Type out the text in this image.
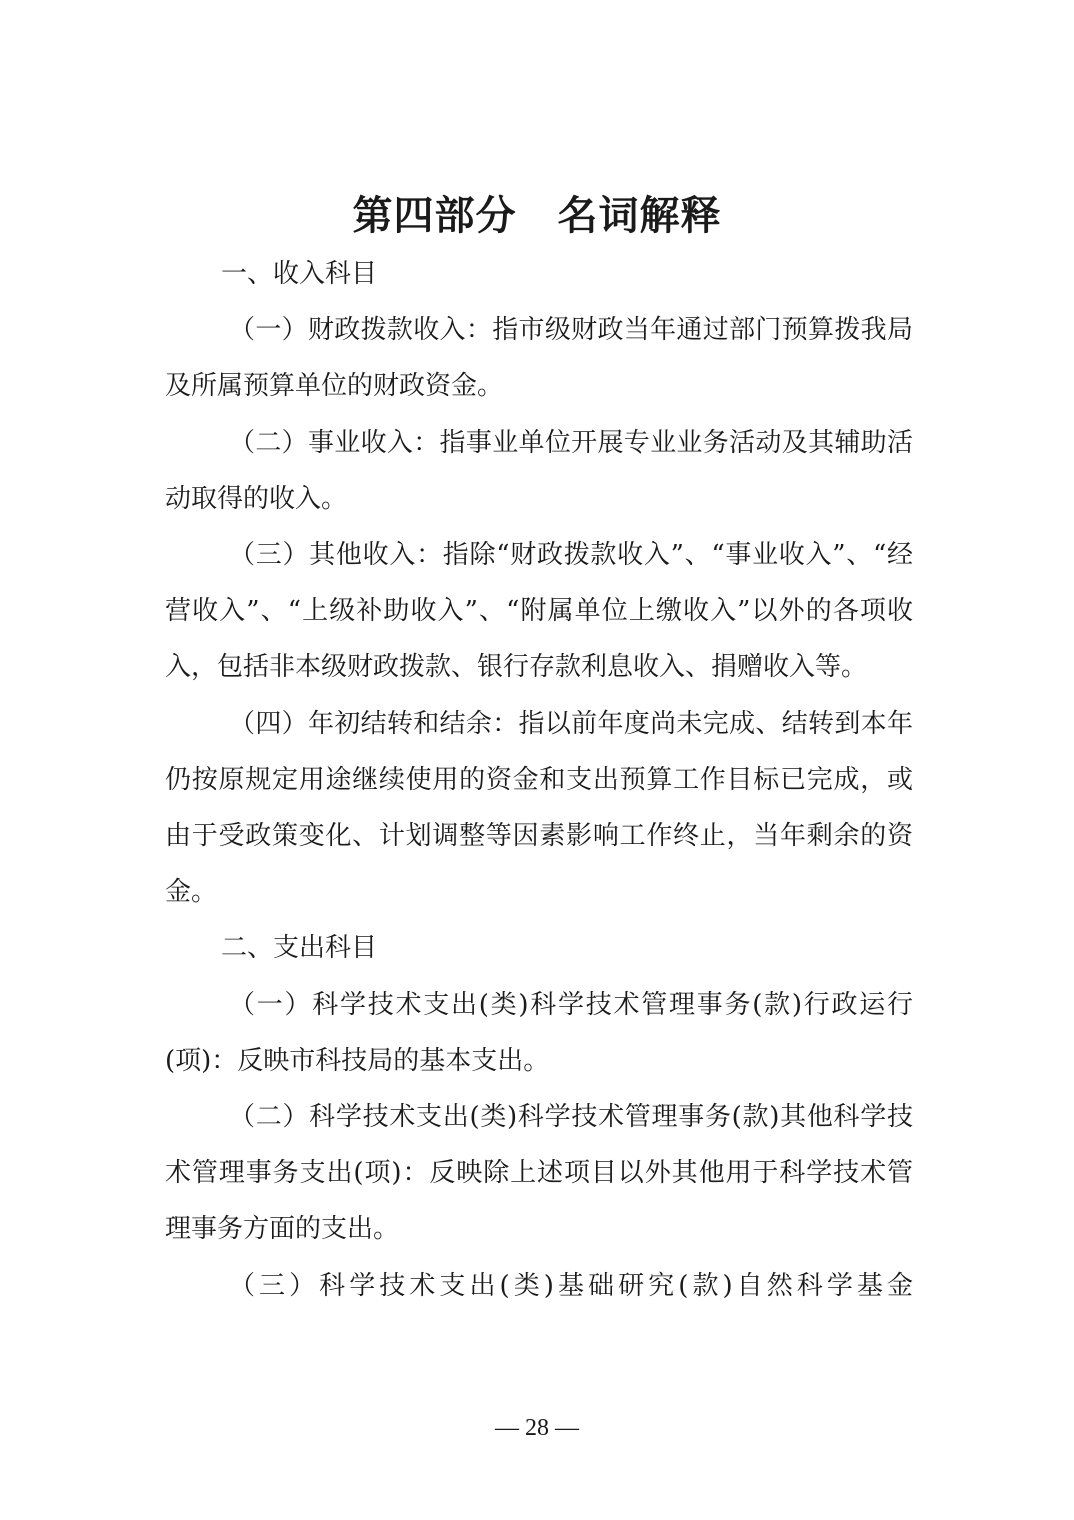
第四部分　名词解释

一、收入科目

（一）财政拨款收入：指市级财政当年通过部门预算拨我局及所属预算单位的财政资金。

（二）事业收入：指事业单位开展专业业务活动及其辅助活动取得的收入。

（三）其他收入：指除“财政拨款收入”、“事业收入”、“经营收入”、“上级补助收入”、“附属单位上缴收入”以外的各项收入，包括非本级财政拨款、银行存款利息收入、捐赠收入等。

（四）年初结转和结余：指以前年度尚未完成、结转到本年仍按原规定用途继续使用的资金和支出预算工作目标已完成，或由于受政策变化、计划调整等因素影响工作终止，当年剩余的资金。

二、支出科目

（一）科学技术支出(类)科学技术管理事务(款)行政运行(项)：反映市科技局的基本支出。

（二）科学技术支出(类)科学技术管理事务(款)其他科学技术管理事务支出(项)：反映除上述项目以外其他用于科学技术管理事务方面的支出。

（三）科学技术支出(类)基础研究(款)自然科学基金

— 28 —
